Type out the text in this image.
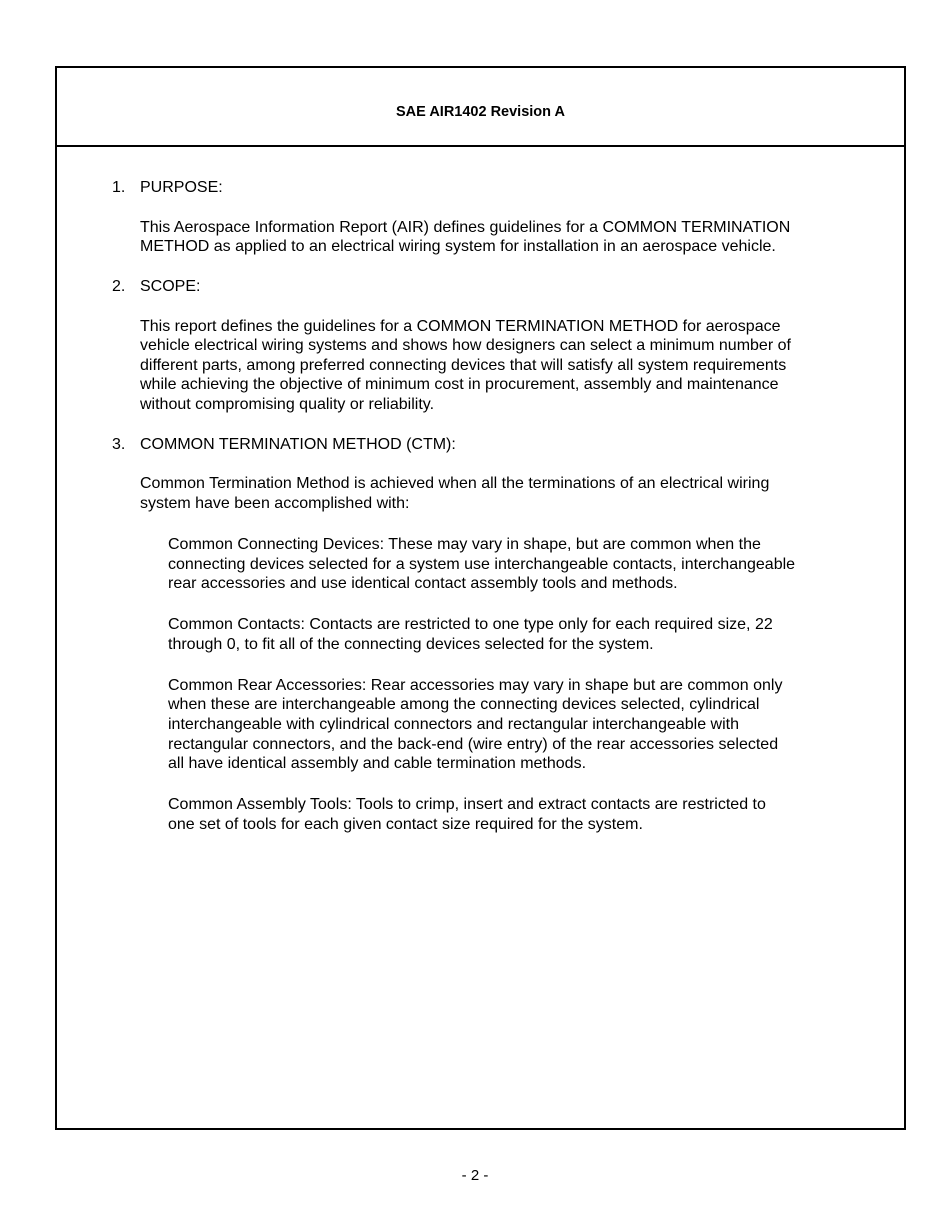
SAE AIR1402 Revision A
1. PURPOSE:
This Aerospace Information Report (AIR) defines guidelines for a COMMON TERMINATION
METHOD as applied to an electrical wiring system for installation in an aerospace vehicle.
2. SCOPE:
This report defines the guidelines for a COMMON TERMINATION METHOD for aerospace
vehicle electrical wiring systems and shows how designers can select a minimum number of
different parts, among preferred connecting devices that will satisfy all system requirements
while achieving the objective of minimum cost in procurement, assembly and maintenance
without compromising quality or reliability.
3. COMMON TERMINATION METHOD (CTM):
Common Termination Method is achieved when all the terminations of an electrical wiring
system have been accomplished with:
Common Connecting Devices: These may vary in shape, but are common when the
connecting devices selected for a system use interchangeable contacts, interchangeable
rear accessories and use identical contact assembly tools and methods.
Common Contacts: Contacts are restricted to one type only for each required size, 22
through 0, to fit all of the connecting devices selected for the system.
Common Rear Accessories: Rear accessories may vary in shape but are common only
when these are interchangeable among the connecting devices selected, cylindrical
interchangeable with cylindrical connectors and rectangular interchangeable with
rectangular connectors, and the back-end (wire entry) of the rear accessories selected
all have identical assembly and cable termination methods.
Common Assembly Tools: Tools to crimp, insert and extract contacts are restricted to
one set of tools for each given contact size required for the system.
- 2 -
